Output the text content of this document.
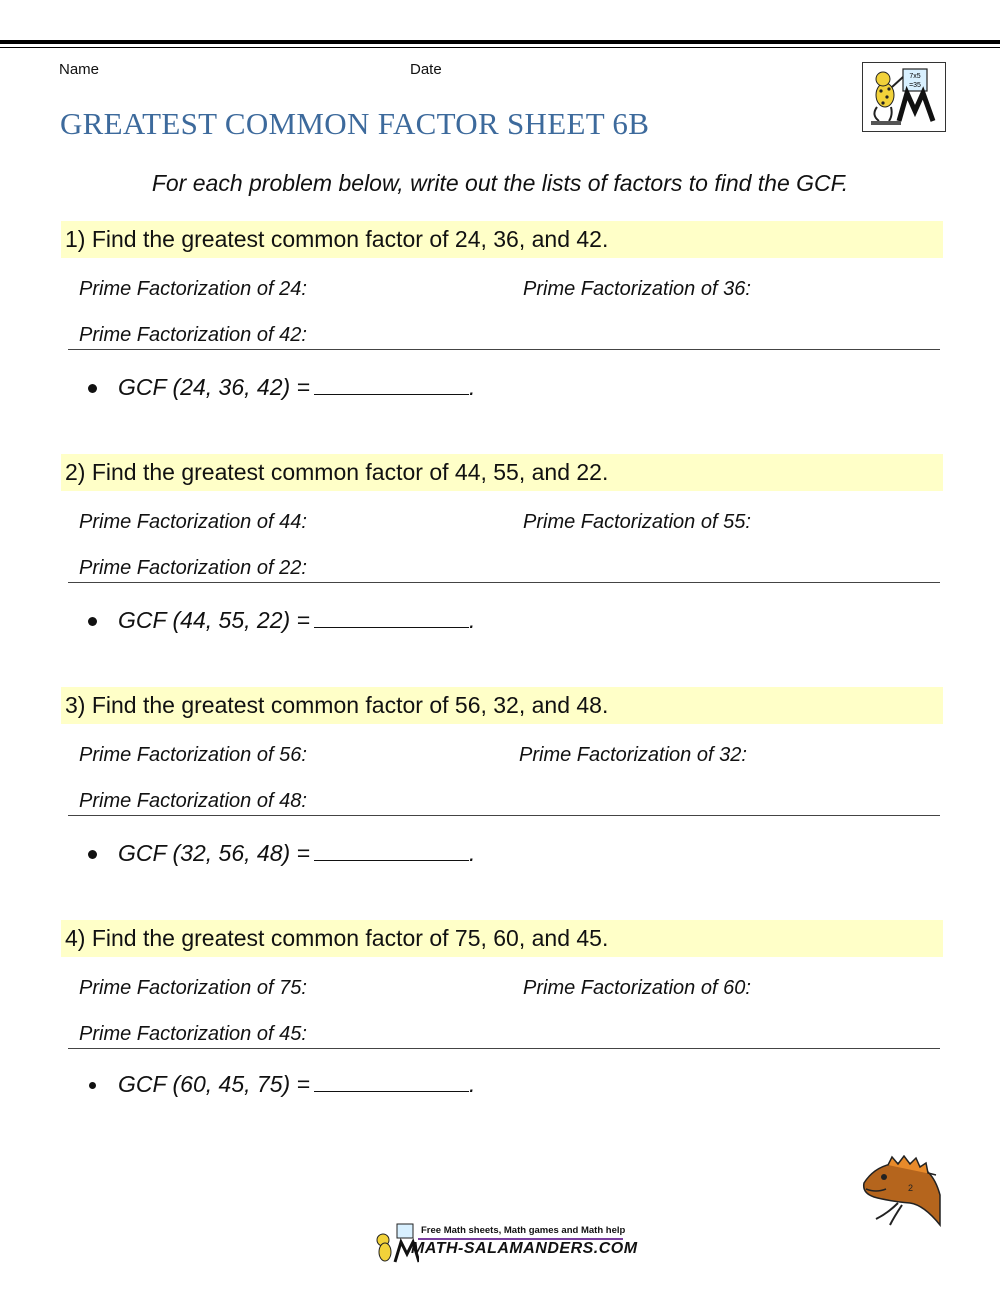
Name	Date
GREATEST COMMON FACTOR SHEET 6B
7x5
=35
For each problem below, write out the lists of factors to find the GCF.
1) Find the greatest common factor of 24, 36, and 42.
Prime Factorization of 24:	Prime Factorization of 36:
Prime Factorization of 42:
GCF (24, 36, 42) =	.
2) Find the greatest common factor of 44, 55, and 22.
Prime Factorization of 44:	Prime Factorization of 55:
Prime Factorization of 22:
GCF (44, 55, 22) =	.
3) Find the greatest common factor of 56, 32, and 48.
Prime Factorization of 56:	Prime Factorization of 32:
Prime Factorization of 48:
GCF (32, 56, 48) =	.
4) Find the greatest common factor of 75, 60, and 45.
Prime Factorization of 75:	Prime Factorization of 60:
Prime Factorization of 45:
GCF (60, 45, 75) =	.
2
Free Math sheets, Math games and Math help
MATH-SALAMANDERS.COM
